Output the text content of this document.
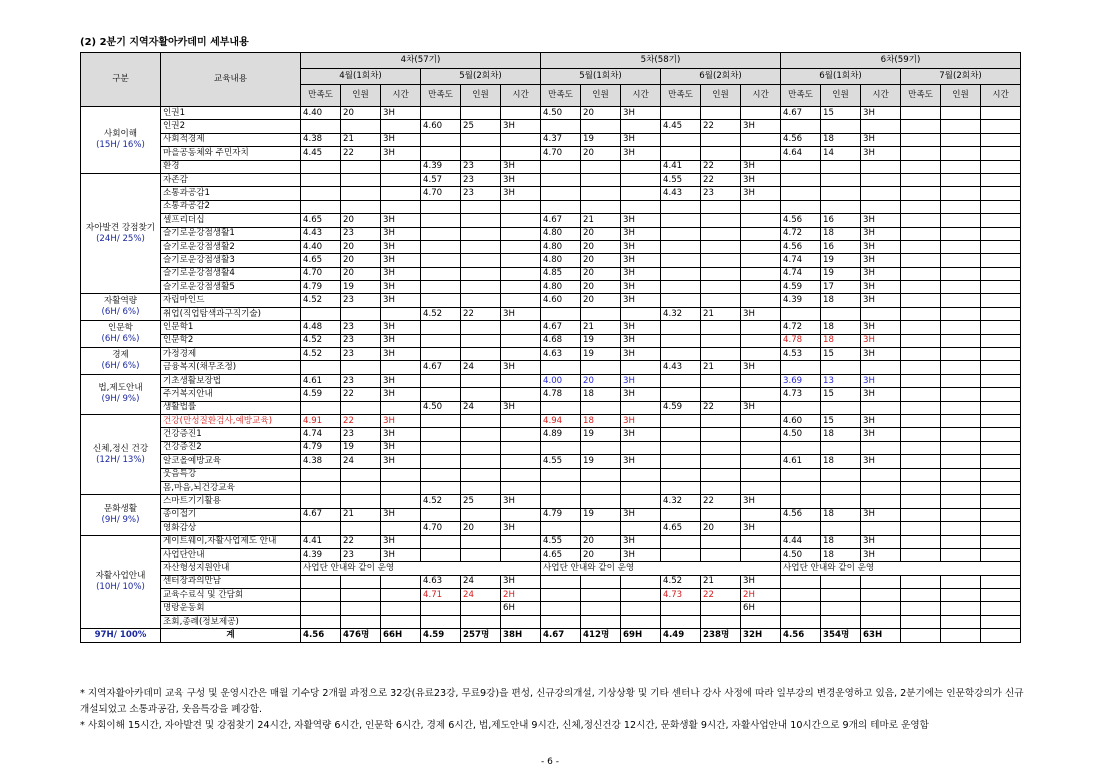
(2) 2분기 지역자활아카데미 세부내용
구분	교육내용	4차(57기)						5차(58기)						6차(59기)					
		4월(1회차)			5월(2회차)			5월(1회차)			6월(2회차)			6월(1회차)			7월(2회차)		
		만족도	인원	시간	만족도	인원	시간	만족도	인원	시간	만족도	인원	시간	만족도	인원	시간	만족도	인원	시간

사회이해
(15H/ 16%)	인권1	4.40	20	3H				4.50	20	3H				4.67	15	3H			
	인권2				4.60	25	3H				4.45	22	3H						
	사회적경제	4.38	21	3H				4.37	19	3H				4.56	18	3H			
	마을공동체와 주민자치	4.45	22	3H				4.70	20	3H				4.64	14	3H			
	환경				4.39	23	3H				4.41	22	3H						

자아발견 강점찾기
(24H/ 25%)	자존감				4.57	23	3H				4.55	22	3H						
	소통과공감1				4.70	23	3H				4.43	23	3H						
	소통과공감2																		
	셀프리더십	4.65	20	3H				4.67	21	3H				4.56	16	3H			
	슬기로운강점생활1	4.43	23	3H				4.80	20	3H				4.72	18	3H			
	슬기로운강점생활2	4.40	20	3H				4.80	20	3H				4.56	16	3H			
	슬기로운강점생활3	4.65	20	3H				4.80	20	3H				4.74	19	3H			
	슬기로운강점생활4	4.70	20	3H				4.85	20	3H				4.74	19	3H			
	슬기로운강점생활5	4.79	19	3H				4.80	20	3H				4.59	17	3H			

자활역량
(6H/ 6%)	자립마인드	4.52	23	3H				4.60	20	3H				4.39	18	3H			
	취업(직업탐색과구직기술)				4.52	22	3H				4.32	21	3H						

인문학
(6H/ 6%)	인문학1	4.48	23	3H				4.67	21	3H				4.72	18	3H			
	인문학2	4.52	23	3H				4.68	19	3H				4.78	18	3H			

경제
(6H/ 6%)	가정경제	4.52	23	3H				4.63	19	3H				4.53	15	3H			
	금융복지(채무조정)				4.67	24	3H				4.43	21	3H						

법,제도안내
(9H/ 9%)	기초생활보장법	4.61	23	3H				4.00	20	3H				3.69	13	3H			
	주거복지안내	4.59	22	3H				4.78	18	3H				4.73	15	3H			
	생활법률				4.50	24	3H				4.59	22	3H						

신체,정신 건강
(12H/ 13%)	건강(만성질환검사,예방교육)	4.91	22	3H				4.94	18	3H				4.60	15	3H			
	건강증진1	4.74	23	3H				4.89	19	3H				4.50	18	3H			
	건강증진2	4.79	19	3H															
	알코올예방교육	4.38	24	3H				4.55	19	3H				4.61	18	3H			
	웃음특강																		
	몸,마음,뇌건강교육																		

문화생활
(9H/ 9%)	스마트기기활용				4.52	25	3H				4.32	22	3H						
	종이접기	4.67	21	3H				4.79	19	3H				4.56	18	3H			
	영화감상				4.70	20	3H				4.65	20	3H						

자활사업안내
(10H/ 10%)	게이트웨이,자활사업제도 안내	4.41	22	3H				4.55	20	3H				4.44	18	3H			
	사업단안내	4.39	23	3H				4.65	20	3H				4.50	18	3H			
	자산형성지원안내	사업단 안내와 같이 운영						사업단 안내와 같이 운영						사업단 안내와 같이 운영					
	센터장과의만남				4.63	24	3H				4.52	21	3H						
	교육수료식 및 간담회				4.71	24	2H				4.73	22	2H						
	명랑운동회						6H						6H						
	조회,종례(정보제공)																		
97H/ 100%	계	4.56	476명	66H	4.59	257명	38H	4.67	412명	69H	4.49	238명	32H	4.56	354명	63H			
* 지역자활아카데미 교육 구성 및 운영시간은 매월 기수당 2개월 과정으로 32강(유료23강, 무료9강)을 편성, 신규강의개설, 기상상황 및 기타 센터나 강사 사정에 따라 일부강의 변경운영하고 있음, 2분기에는 인문학강의가 신규 개설되었고 소통과공감, 웃음특강을 폐강함.
* 사회이해 15시간, 자아발견 및 강점찾기 24시간, 자활역량 6시간, 인문학 6시간, 경제 6시간, 법,제도안내 9시간, 신체,정신건강 12시간, 문화생활 9시간, 자활사업안내 10시간으로 9개의 테마로 운영함
- 6 -
